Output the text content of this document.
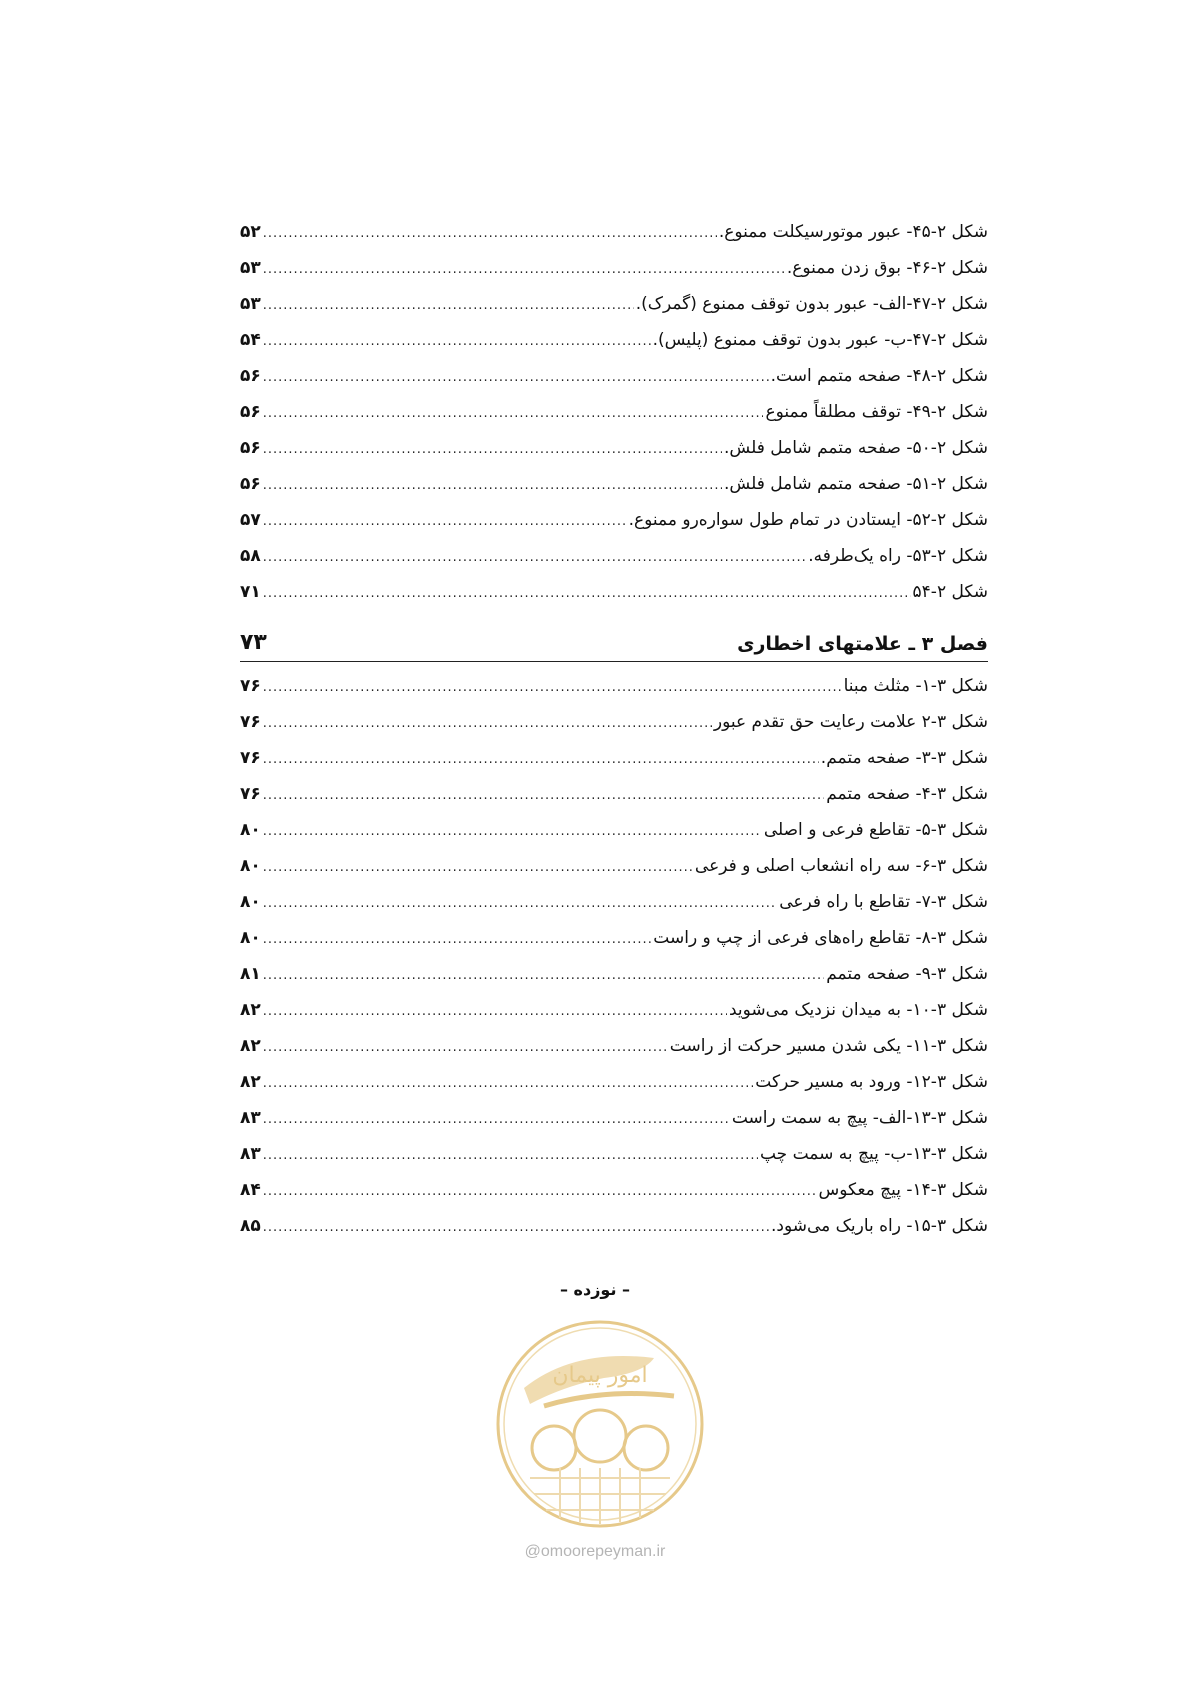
شکل ۲-۴۵- عبور موتورسیکلت ممنوع.
.....
۵۲
شکل ۲-۴۶- بوق زدن ممنوع.
.....
۵۳
شکل ۲-۴۷-الف- عبور بدون توقف ممنوع (گمرک).
.....
۵۳
شکل ۲-۴۷-ب- عبور بدون توقف ممنوع (پلیس).
.....
۵۴
شکل ۲-۴۸- صفحه متمم است.
.....
۵۶
شکل ۲-۴۹- توقف مطلقاً ممنوع
.....
۵۶
شکل ۲-۵۰- صفحه متمم شامل فلش.
.....
۵۶
شکل ۲-۵۱- صفحه متمم شامل فلش.
.....
۵۶
شکل ۲-۵۲- ایستادن در تمام طول سواره‌رو ممنوع.
.....
۵۷
شکل ۲-۵۳- راه یک‌طرفه.
.....
۵۸
شکل ۲-۵۴
.....
۷۱
فصل ۳ ـ علامتهای اخطاری
۷۳
شکل ۳-۱- مثلث مبنا
.....
۷۶
شکل ۳-۲ علامت رعایت حق تقدم عبور
.....
۷۶
شکل ۳-۳- صفحه متمم.
.....
۷۶
شکل ۳-۴- صفحه متمم
.....
۷۶
شکل ۳-۵- تقاطع فرعی و اصلی
.....
۸۰
شکل ۳-۶- سه راه انشعاب اصلی و فرعی
.....
۸۰
شکل ۳-۷- تقاطع با راه فرعی
.....
۸۰
شکل ۳-۸- تقاطع راه‌های فرعی از چپ و راست
.....
۸۰
شکل ۳-۹- صفحه متمم
.....
۸۱
شکل ۳-۱۰- به میدان نزدیک می‌شوید
.....
۸۲
شکل ۳-۱۱- یکی شدن مسیر حرکت از راست
.....
۸۲
شکل ۳-۱۲- ورود به مسیر حرکت
.....
۸۲
شکل ۳-۱۳-الف- پیچ به سمت راست
.....
۸۳
شکل ۳-۱۳-ب- پیچ به سمت چپ
.....
۸۳
شکل ۳-۱۴- پیچ معکوس
.....
۸۴
شکل ۳-۱۵- راه باریک می‌شود.
.....
۸۵
– نوزده –
امور پیمان
@omoorepeyman.ir
